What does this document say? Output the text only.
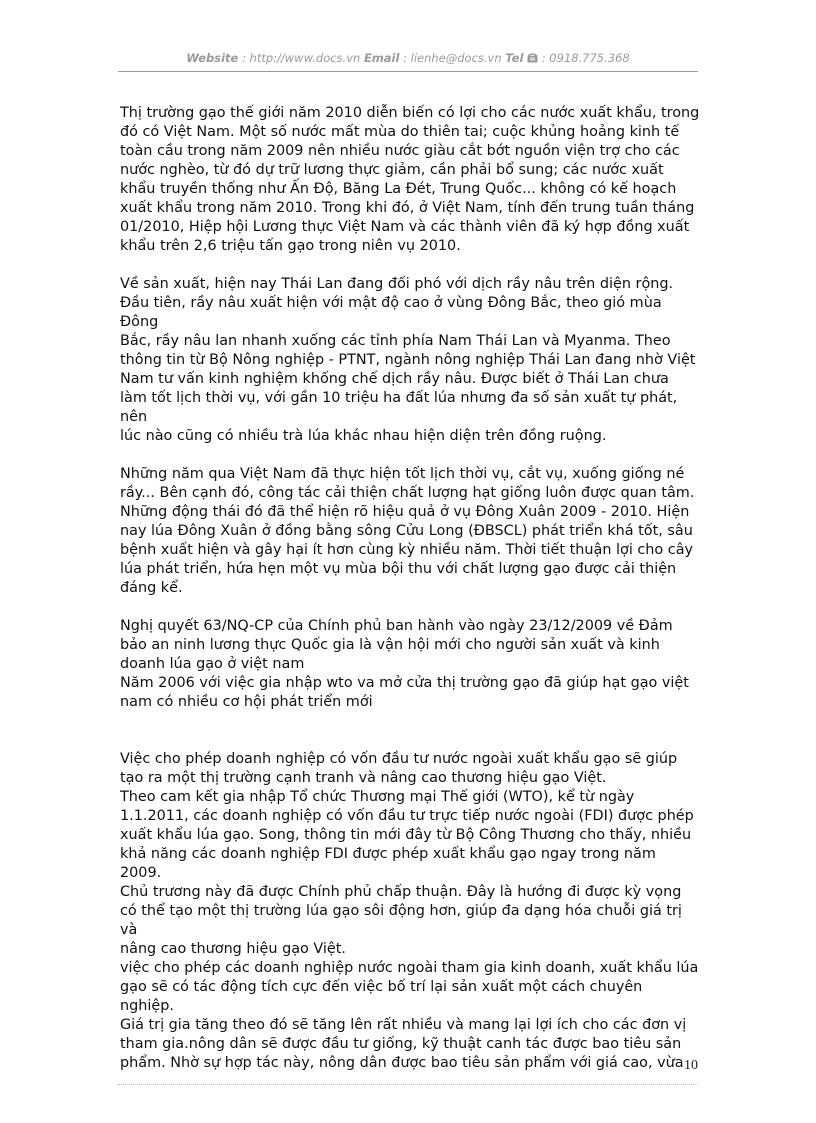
Website : http://www.docs.vn Email : lienhe@docs.vn Tel  : 0918.775.368

Thị trường gạo thế giới năm 2010 diễn biến có lợi cho các nước xuất khẩu, trong
đó có Việt Nam. Một số nước mất mùa do thiên tai; cuộc khủng hoảng kinh tế
toàn cầu trong năm 2009 nên nhiều nước giàu cắt bớt nguồn viện trợ cho các
nước nghèo, từ đó dự trữ lương thực giảm, cần phải bổ sung; các nước xuất
khẩu truyền thống như Ấn Độ, Băng La Đét, Trung Quốc... không có kế hoạch
xuất khẩu trong năm 2010. Trong khi đó, ở Việt Nam, tính đến trung tuần tháng
01/2010, Hiệp hội Lương thực Việt Nam và các thành viên đã ký hợp đồng xuất
khẩu trên 2,6 triệu tấn gạo trong niên vụ 2010.

Về sản xuất, hiện nay Thái Lan đang đối phó với dịch rầy nâu trên diện rộng.
Đầu tiên, rầy nâu xuất hiện với mật độ cao ở vùng Đông Bắc, theo gió mùa Đông
Bắc, rầy nâu lan nhanh xuống các tỉnh phía Nam Thái Lan và Myanma. Theo
thông tin từ Bộ Nông nghiệp - PTNT, ngành nông nghiệp Thái Lan đang nhờ Việt
Nam tư vấn kinh nghiệm khống chế dịch rầy nâu. Được biết ở Thái Lan chưa
làm tốt lịch thời vụ, với gần 10 triệu ha đất lúa nhưng đa số sản xuất tự phát, nên
lúc nào cũng có nhiều trà lúa khác nhau hiện diện trên đồng ruộng.

Những năm qua Việt Nam đã thực hiện tốt lịch thời vụ, cắt vụ, xuống giống né
rầy... Bên cạnh đó, công tác cải thiện chất lượng hạt giống luôn được quan tâm.
Những động thái đó đã thể hiện rõ hiệu quả ở vụ Đông Xuân 2009 - 2010. Hiện
nay lúa Đông Xuân ở đồng bằng sông Cửu Long (ĐBSCL) phát triển khá tốt, sâu
bệnh xuất hiện và gây hại ít hơn cùng kỳ nhiều năm. Thời tiết thuận lợi cho cây
lúa phát triển, hứa hẹn một vụ mùa bội thu với chất lượng gạo được cải thiện
đáng kể.

Nghị quyết 63/NQ-CP của Chính phủ ban hành vào ngày 23/12/2009 về Đảm
bảo an ninh lương thực Quốc gia là vận hội mới cho người sản xuất và kinh
doanh lúa gạo ở việt nam
Năm 2006 với việc gia nhập wto va mở cửa thị trường gạo đã giúp hạt gạo việt
nam có nhiều cơ hội phát triển mới

Việc cho phép doanh nghiệp có vốn đầu tư nước ngoài xuất khẩu gạo sẽ giúp
tạo ra một thị trường cạnh tranh và nâng cao thương hiệu gạo Việt.
Theo cam kết gia nhập Tổ chức Thương mại Thế giới (WTO), kể từ ngày
1.1.2011, các doanh nghiệp có vốn đầu tư trực tiếp nước ngoài (FDI) được phép
xuất khẩu lúa gạo. Song, thông tin mới đây từ Bộ Công Thương cho thấy, nhiều
khả năng các doanh nghiệp FDI được phép xuất khẩu gạo ngay trong năm 2009.
Chủ trương này đã được Chính phủ chấp thuận. Đây là hướng đi được kỳ vọng
có thể tạo một thị trường lúa gạo sôi động hơn, giúp đa dạng hóa chuỗi giá trị và
nâng cao thương hiệu gạo Việt.
việc cho phép các doanh nghiệp nước ngoài tham gia kinh doanh, xuất khẩu lúa
gạo sẽ có tác động tích cực đến việc bố trí lại sản xuất một cách chuyên nghiệp.
Giá trị gia tăng theo đó sẽ tăng lên rất nhiều và mang lại lợi ích cho các đơn vị
tham gia.nông dân sẽ được đầu tư giống, kỹ thuật canh tác được bao tiêu sản
phẩm. Nhờ sự hợp tác này, nông dân được bao tiêu sản phẩm với giá cao, vừa 10
